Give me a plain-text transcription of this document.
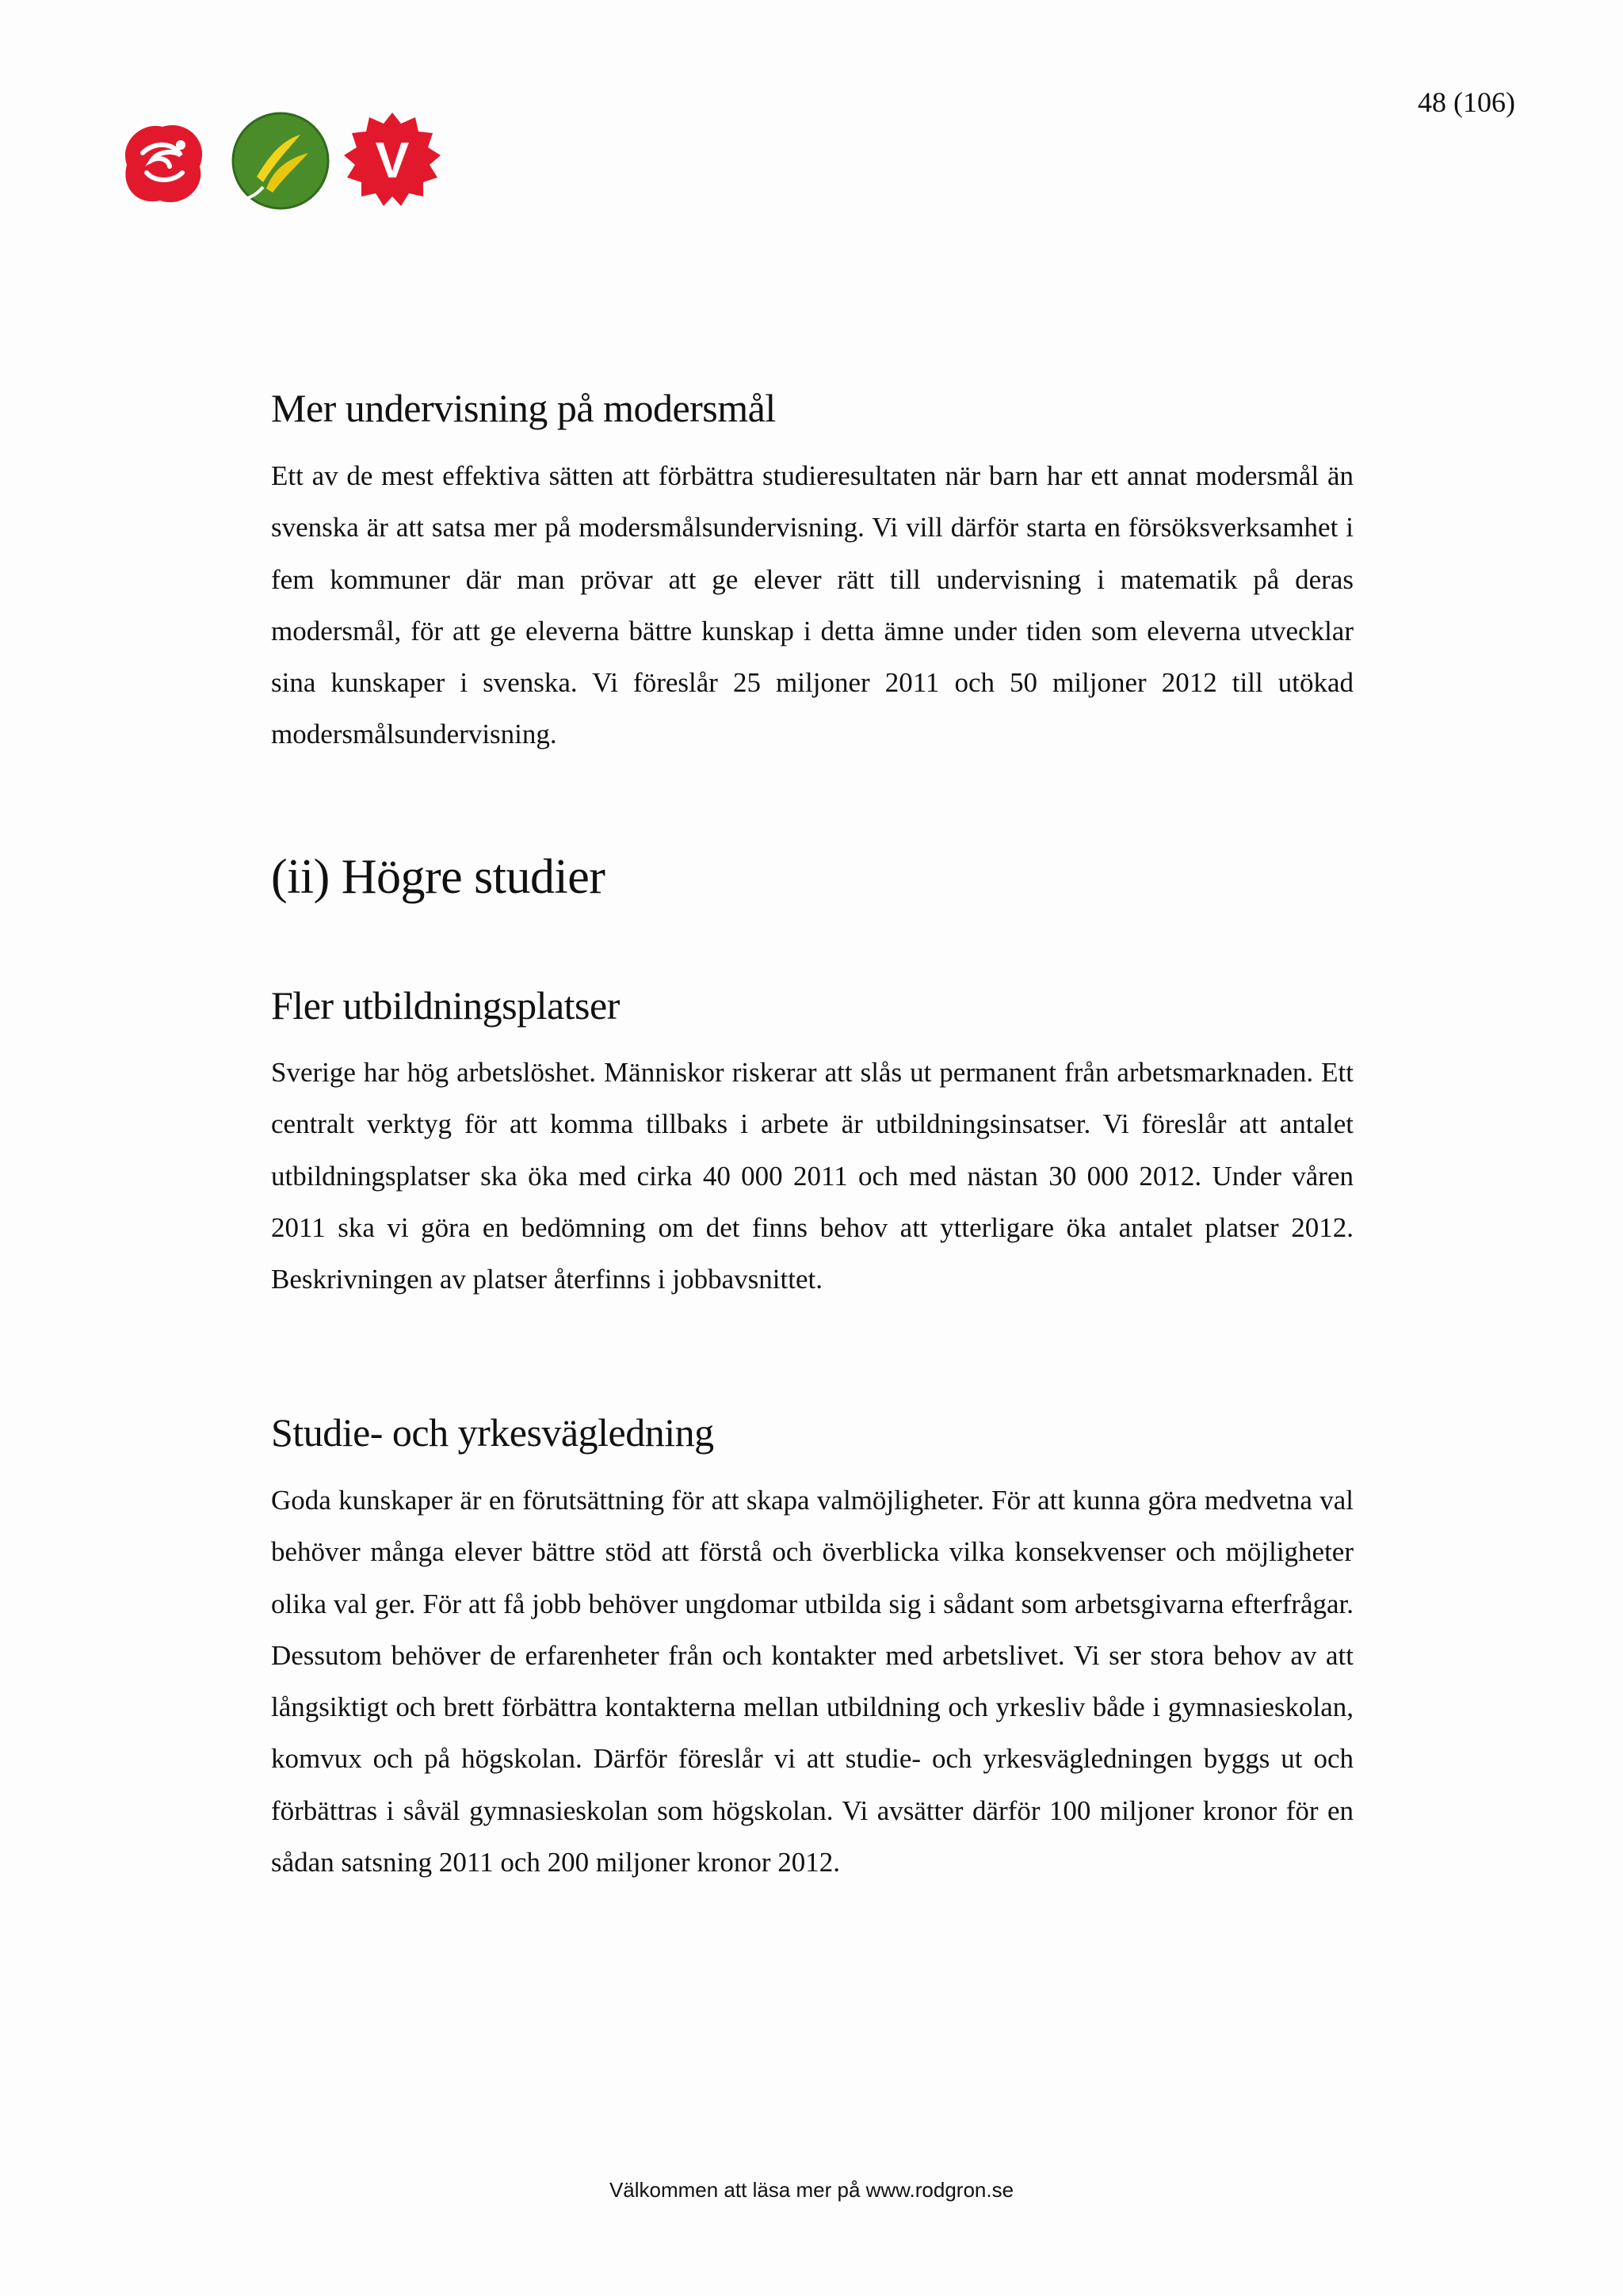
V
48 (106)
Mer undervisning på modersmål

Ett av de mest effektiva sätten att förbättra studieresultaten när barn har ett annat modersmål än svenska är att satsa mer på modersmålsundervisning. Vi vill därför starta en försöksverksamhet i fem kommuner där man prövar att ge elever rätt till undervisning i matematik på deras modersmål, för att ge eleverna bättre kunskap i detta ämne under tiden som eleverna utvecklar sina kunskaper i svenska. Vi föreslår 25 miljoner 2011 och 50 miljoner 2012 till utökad modersmålsundervisning.

(ii) Högre studier
Fler utbildningsplatser

Sverige har hög arbetslöshet. Människor riskerar att slås ut permanent från arbetsmarknaden. Ett centralt verktyg för att komma tillbaks i arbete är utbildningsinsatser. Vi föreslår att antalet utbildningsplatser ska öka med cirka 40 000 2011 och med nästan 30 000 2012. Under våren 2011 ska vi göra en bedömning om det finns behov att ytterligare öka antalet platser 2012. Beskrivningen av platser återfinns i jobbavsnittet.

Studie- och yrkesvägledning

Goda kunskaper är en förutsättning för att skapa valmöjligheter. För att kunna göra medvetna val behöver många elever bättre stöd att förstå och överblicka vilka konsekvenser och möjligheter olika val ger. För att få jobb behöver ungdomar utbilda sig i sådant som arbetsgivarna efterfrågar. Dessutom behöver de erfarenheter från och kontakter med arbetslivet. Vi ser stora behov av att långsiktigt och brett förbättra kontakterna mellan utbildning och yrkesliv både i gymnasieskolan, komvux och på högskolan. Därför föreslår vi att studie- och yrkesvägledningen byggs ut och förbättras i såväl gymnasieskolan som högskolan. Vi avsätter därför 100 miljoner kronor för en sådan satsning 2011 och 200 miljoner kronor 2012.

Välkommen att läsa mer på www.rodgron.se
